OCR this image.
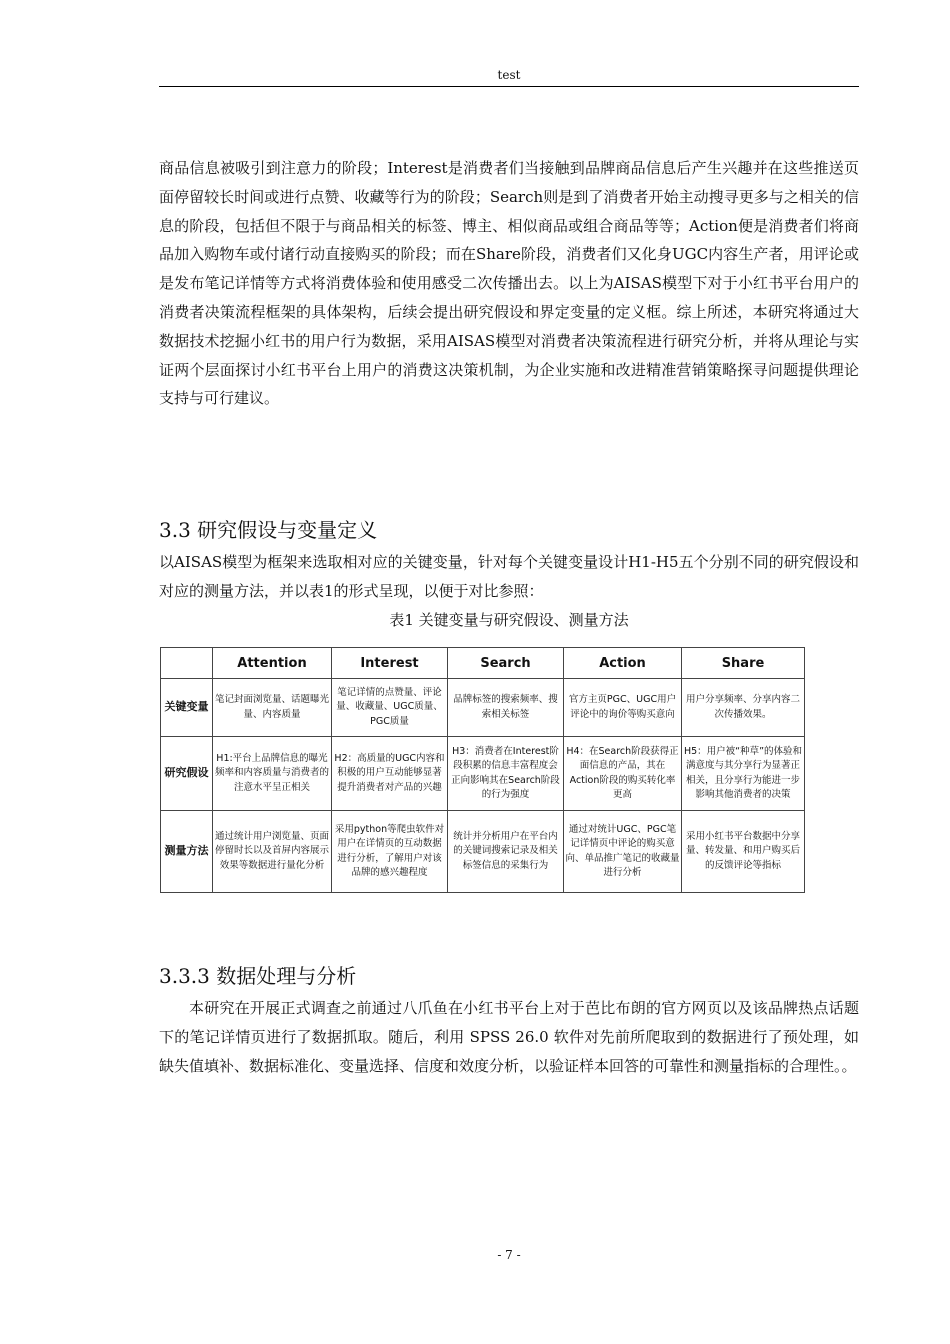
test

商品信息被吸引到注意力的阶段；Interest是消费者们当接触到品牌商品信息后产生兴趣并在这些推送页面停留较长时间或进行点赞、收藏等行为的阶段；Search则是到了消费者开始主动搜寻更多与之相关的信息的阶段，包括但不限于与商品相关的标签、博主、相似商品或组合商品等等；Action便是消费者们将商品加入购物车或付诸行动直接购买的阶段；而在Share阶段，消费者们又化身UGC内容生产者，用评论或是发布笔记详情等方式将消费体验和使用感受二次传播出去。以上为AISAS模型下对于小红书平台用户的消费者决策流程框架的具体架构，后续会提出研究假设和界定变量的定义框。综上所述，本研究将通过大数据技术挖掘小红书的用户行为数据，采用AISAS模型对消费者决策流程进行研究分析，并将从理论与实证两个层面探讨小红书平台上用户的消费这决策机制，为企业实施和改进精准营销策略探寻问题提供理论支持与可行建议。

3.3 研究假设与变量定义

以AISAS模型为框架来选取相对应的关键变量，针对每个关键变量设计H1-H5五个分别不同的研究假设和对应的测量方法，并以表1的形式呈现，以便于对比参照：

表1 关键变量与研究假设、测量方法
	Attention	Interest	Search	Action	Share
关键变量	笔记封面浏览量、话题曝光量、内容质量	笔记详情的点赞量、评论量、收藏量、UGC质量、PGC质量	品牌标签的搜索频率、搜索相关标签	官方主页PGC、UGC用户评论中的询价等购买意向	用户分享频率、分享内容二次传播效果。
研究假设	H1:平台上品牌信息的曝光频率和内容质量与消费者的注意水平呈正相关	H2：高质量的UGC内容和积极的用户互动能够显著提升消费者对产品的兴趣	H3：消费者在Interest阶段积累的信息丰富程度会正向影响其在Search阶段的行为强度	H4：在Search阶段获得正面信息的产品，其在Action阶段的购买转化率更高	H5：用户被“种草”的体验和满意度与其分享行为显著正相关，且分享行为能进一步影响其他消费者的决策
测量方法	通过统计用户浏览量、页面停留时长以及首屏内容展示效果等数据进行量化分析	采用python等爬虫软件对用户在详情页的互动数据进行分析，了解用户对该品牌的感兴趣程度	统计并分析用户在平台内的关键词搜索记录及相关标签信息的采集行为	通过对统计UGC、PGC笔记详情页中评论的购买意向、单品推广笔记的收藏量进行分析	采用小红书平台数据中分享量、转发量、和用户购买后的反馈评论等指标
3.3.3 数据处理与分析

本研究在开展正式调查之前通过八爪鱼在小红书平台上对于芭比布朗的官方网页以及该品牌热点话题下的笔记详情页进行了数据抓取。随后，利用 SPSS 26.0 软件对先前所爬取到的数据进行了预处理，如缺失值填补、数据标准化、变量选择、信度和效度分析，以验证样本回答的可靠性和测量指标的合理性。。

- 7 -
